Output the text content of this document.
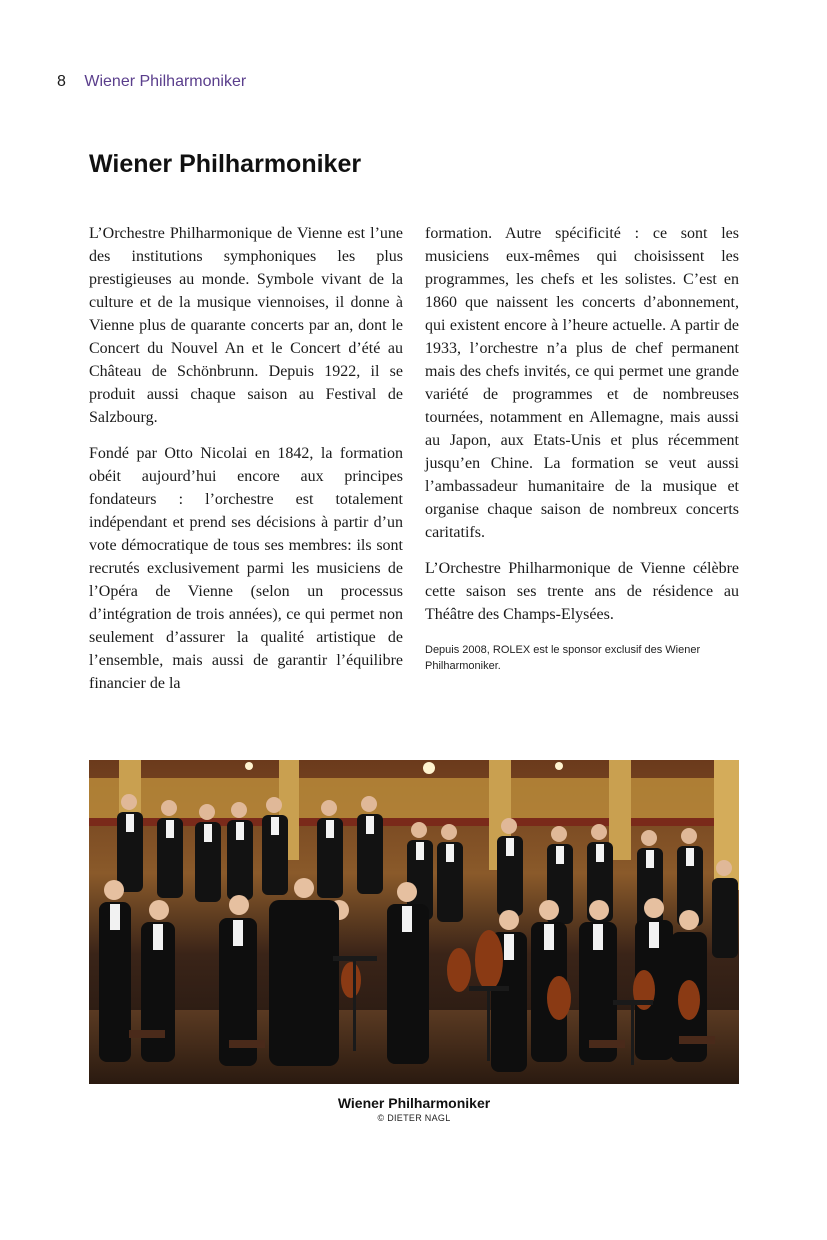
8 Wiener Philharmoniker
Wiener Philharmoniker

L’Orchestre Philharmonique de Vienne est l’une des institutions symphoniques les plus prestigieuses au monde. Symbole vivant de la culture et de la musique viennoises, il donne à Vienne plus de quarante concerts par an, dont le Concert du Nouvel An et le Concert d’été au Château de Schönbrunn. Depuis 1922, il se produit aussi chaque saison au Festival de Salzbourg.

Fondé par Otto Nicolai en 1842, la formation obéit aujourd’hui encore aux principes fondateurs : l’orchestre est totalement indépendant et prend ses décisions à partir d’un vote démocratique de tous ses membres: ils sont recrutés exclusivement parmi les musiciens de l’Opéra de Vienne (selon un processus d’intégration de trois années), ce qui permet non seulement d’assurer la qualité artistique de l’ensemble, mais aussi de garantir l’équilibre financier de la

formation. Autre spécificité : ce sont les musiciens eux-mêmes qui choisissent les programmes, les chefs et les solistes. C’est en 1860 que naissent les concerts d’abonnement, qui existent encore à l’heure actuelle. A partir de 1933, l’orchestre n’a plus de chef permanent mais des chefs invités, ce qui permet une grande variété de programmes et de nombreuses tournées, notamment en Allemagne, mais aussi au Japon, aux Etats-Unis et plus récemment jusqu’en Chine. La formation se veut aussi l’ambassadeur humanitaire de la musique et organise chaque saison de nombreux concerts caritatifs.

L’Orchestre Philharmonique de Vienne célèbre cette saison ses trente ans de résidence au Théâtre des Champs-Elysées.

Depuis 2008, ROLEX est le sponsor exclusif des Wiener Philharmoniker.

Wiener Philharmoniker
© DIETER NAGL
